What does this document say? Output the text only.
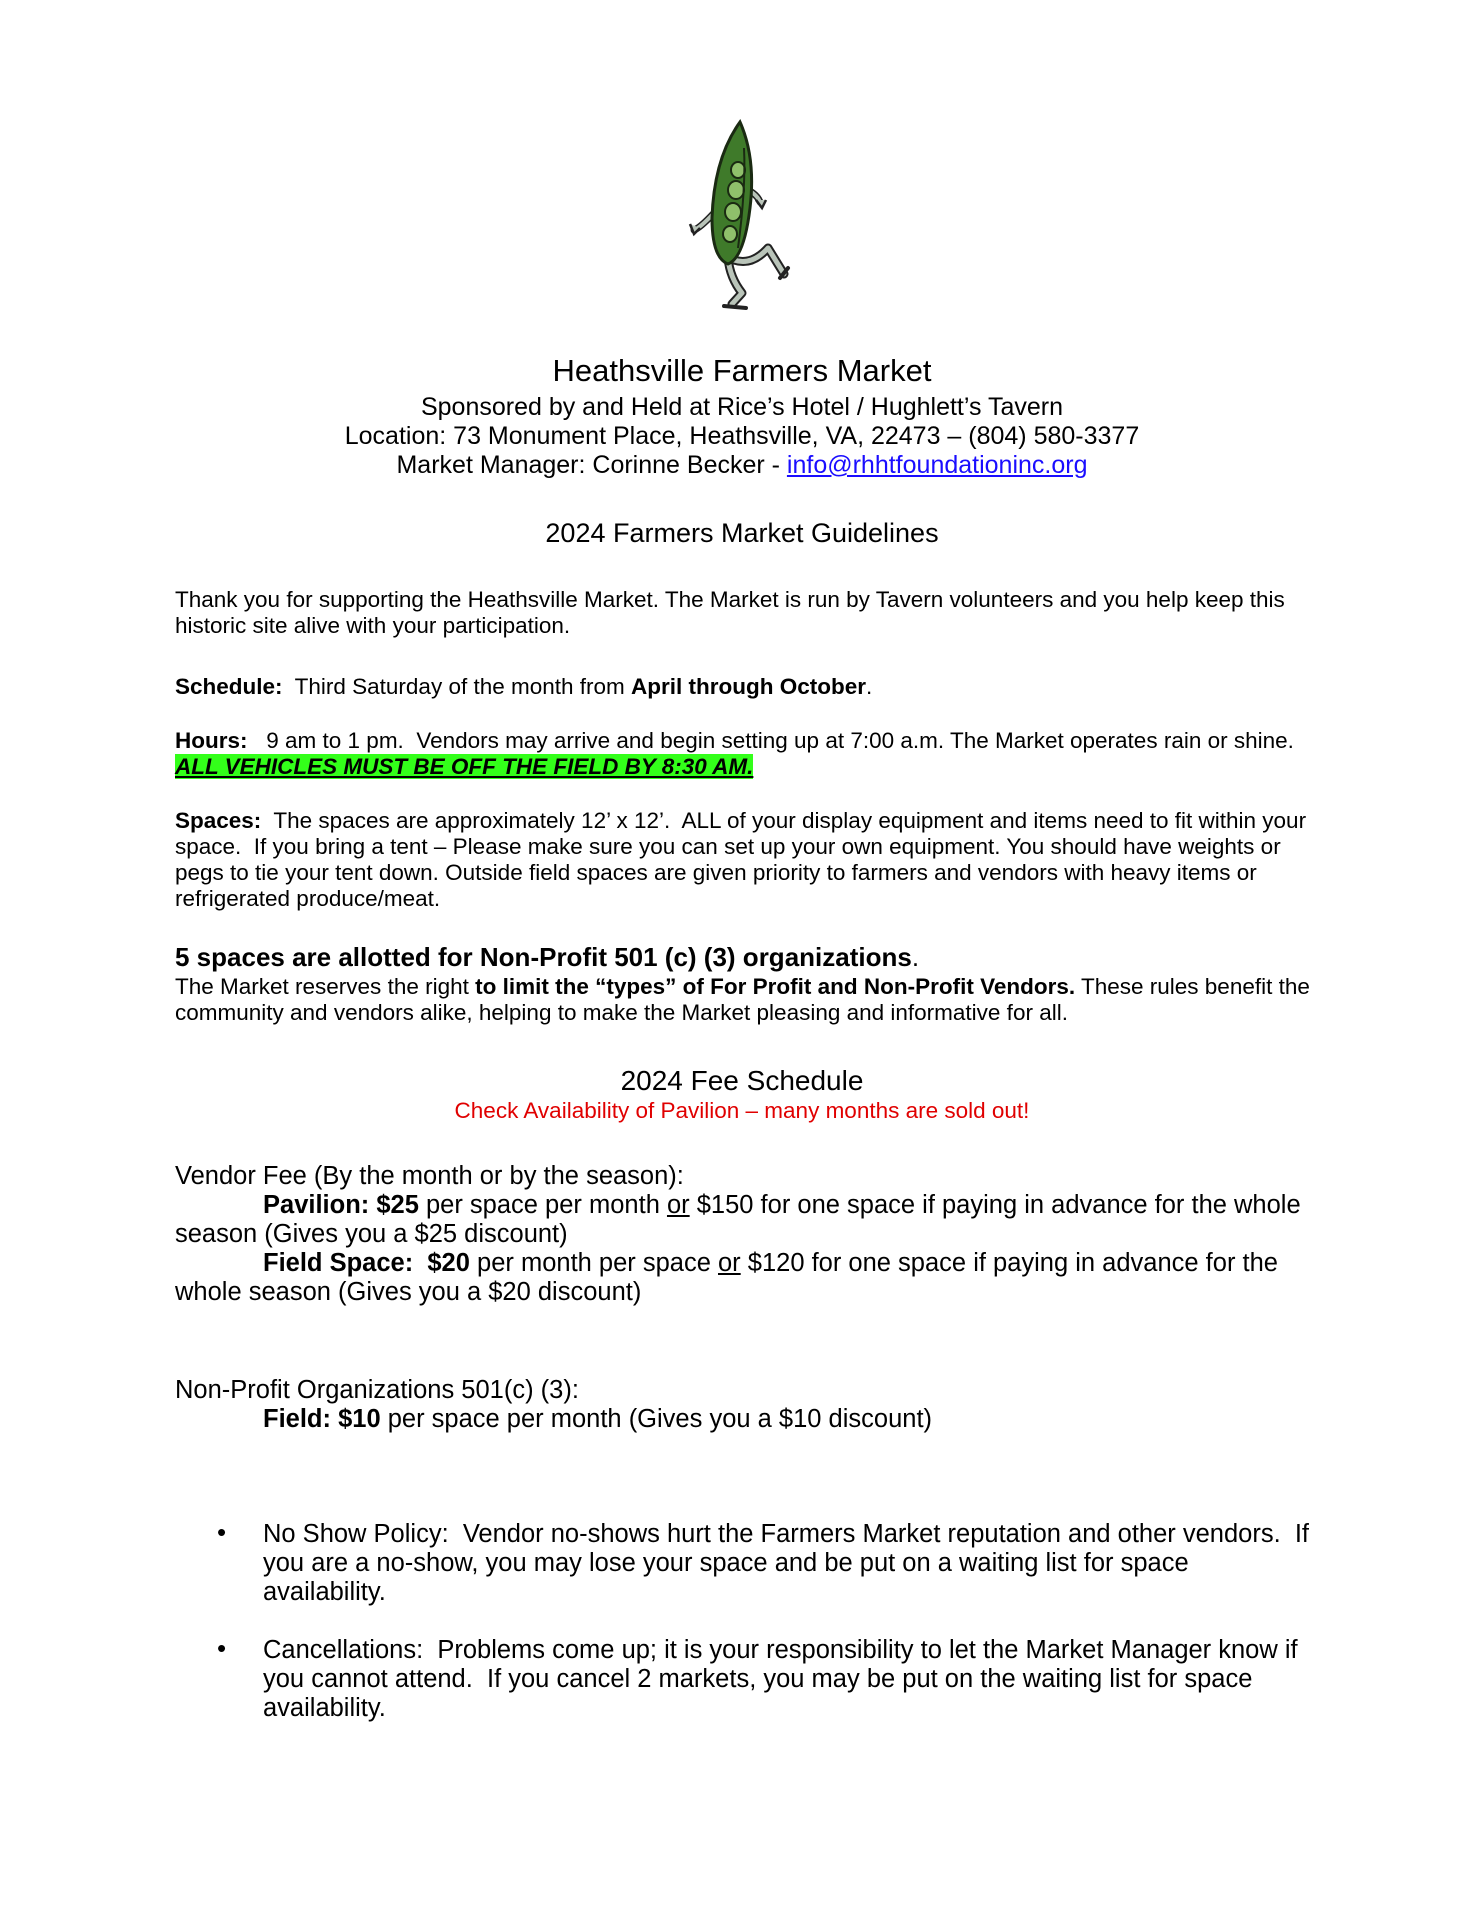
Heathsville Farmers Market
Sponsored by and Held at Rice’s Hotel / Hughlett’s Tavern
Location: 73 Monument Place, Heathsville, VA, 22473 – (804) 580-3377
Market Manager: Corinne Becker - info@rhhtfoundationinc.org
2024 Farmers Market Guidelines
Thank you for supporting the Heathsville Market. The Market is run by Tavern volunteers and you help keep this historic site alive with your participation.
Schedule:  Third Saturday of the month from April through October.
Hours:   9 am to 1 pm.  Vendors may arrive and begin setting up at 7:00 a.m. The Market operates rain or shine. ALL VEHICLES MUST BE OFF THE FIELD BY 8:30 AM.
Spaces:  The spaces are approximately 12’ x 12’.  ALL of your display equipment and items need to fit within your space.  If you bring a tent – Please make sure you can set up your own equipment. You should have weights or pegs to tie your tent down. Outside field spaces are given priority to farmers and vendors with heavy items or refrigerated produce/meat.
5 spaces are allotted for Non-Profit 501 (c) (3) organizations.
The Market reserves the right to limit the “types” of For Profit and Non-Profit Vendors. These rules benefit the community and vendors alike, helping to make the Market pleasing and informative for all.
2024 Fee Schedule
Check Availability of Pavilion – many months are sold out!
Vendor Fee (By the month or by the season):
Pavilion: $25 per space per month or $150 for one space if paying in advance for the whole season (Gives you a $25 discount)
Field Space:  $20 per month per space or $120 for one space if paying in advance for the whole season (Gives you a $20 discount)
Non-Profit Organizations 501(c) (3):
Field: $10 per space per month (Gives you a $10 discount)
• No Show Policy:  Vendor no-shows hurt the Farmers Market reputation and other vendors.  If you are a no-show, you may lose your space and be put on a waiting list for space availability.
• Cancellations:  Problems come up; it is your responsibility to let the Market Manager know if you cannot attend.  If you cancel 2 markets, you may be put on the waiting list for space availability.
